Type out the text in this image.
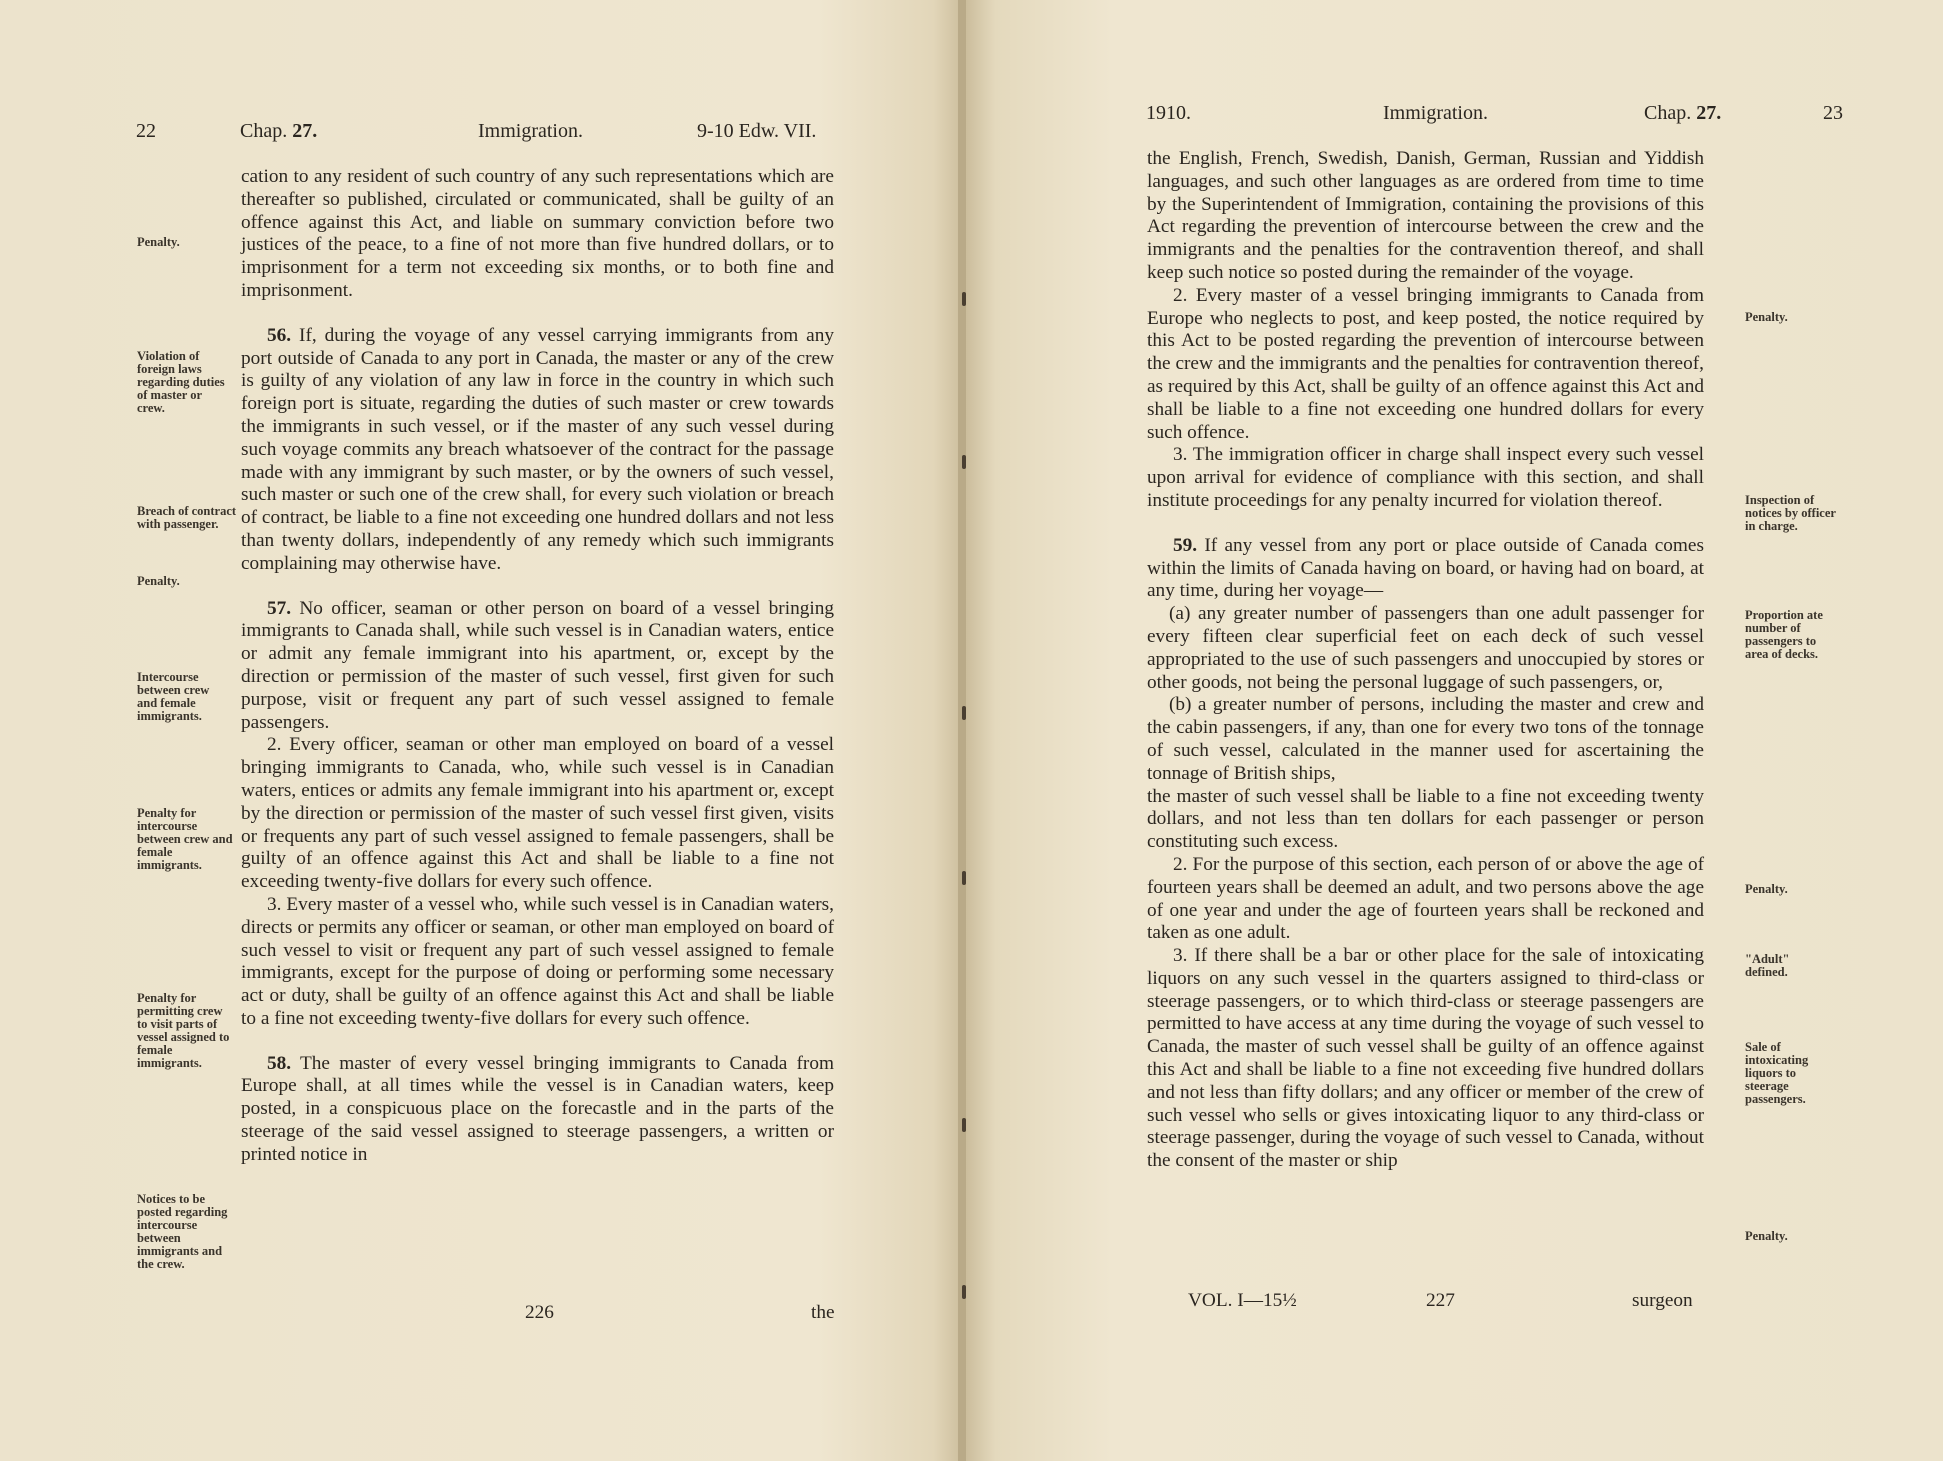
22	Chap. 27.	Immigration.	9-10 Edw. VII.

cation to any resident of such country of any such representations which are thereafter so published, circulated or communicated, shall be guilty of an offence against this Act, and liable on summary conviction before two justices of the peace, to a fine of not more than five hundred dollars, or to imprisonment for a term not exceeding six months, or to both fine and imprisonment.

56. If, during the voyage of any vessel carrying immigrants from any port outside of Canada to any port in Canada, the master or any of the crew is guilty of any violation of any law in force in the country in which such foreign port is situate, regarding the duties of such master or crew towards the immigrants in such vessel, or if the master of any such vessel during such voyage commits any breach whatsoever of the contract for the passage made with any immigrant by such master, or by the owners of such vessel, such master or such one of the crew shall, for every such violation or breach of contract, be liable to a fine not exceeding one hundred dollars and not less than twenty dollars, independently of any remedy which such immigrants complaining may otherwise have.

57. No officer, seaman or other person on board of a vessel bringing immigrants to Canada shall, while such vessel is in Canadian waters, entice or admit any female immigrant into his apartment, or, except by the direction or permission of the master of such vessel, first given for such purpose, visit or frequent any part of such vessel assigned to female passengers.

2. Every officer, seaman or other man employed on board of a vessel bringing immigrants to Canada, who, while such vessel is in Canadian waters, entices or admits any female immigrant into his apartment or, except by the direction or permission of the master of such vessel first given, visits or frequents any part of such vessel assigned to female passengers, shall be guilty of an offence against this Act and shall be liable to a fine not exceeding twenty-five dollars for every such offence.

3. Every master of a vessel who, while such vessel is in Canadian waters, directs or permits any officer or seaman, or other man employed on board of such vessel to visit or frequent any part of such vessel assigned to female immigrants, except for the purpose of doing or performing some necessary act or duty, shall be guilty of an offence against this Act and shall be liable to a fine not exceeding twenty-five dollars for every such offence.

58. The master of every vessel bringing immigrants to Canada from Europe shall, at all times while the vessel is in Canadian waters, keep posted, in a conspicuous place on the forecastle and in the parts of the steerage of the said vessel assigned to steerage passengers, a written or printed notice in

Penalty.
Violation of foreign laws regarding duties of master or crew.
Breach of contract with passenger.
Penalty.
Intercourse between crew and female immigrants.
Penalty for intercourse between crew and female immigrants.
Penalty for permitting crew to visit parts of vessel assigned to female immigrants.
Notices to be posted regarding intercourse between immigrants and the crew.
226	the
1910.	Immigration.	Chap. 27.	23

the English, French, Swedish, Danish, German, Russian and Yiddish languages, and such other languages as are ordered from time to time by the Superintendent of Immigration, containing the provisions of this Act regarding the prevention of intercourse between the crew and the immigrants and the penalties for the contravention thereof, and shall keep such notice so posted during the remainder of the voyage.

2. Every master of a vessel bringing immigrants to Canada from Europe who neglects to post, and keep posted, the notice required by this Act to be posted regarding the prevention of intercourse between the crew and the immigrants and the penalties for contravention thereof, as required by this Act, shall be guilty of an offence against this Act and shall be liable to a fine not exceeding one hundred dollars for every such offence.

3. The immigration officer in charge shall inspect every such vessel upon arrival for evidence of compliance with this section, and shall institute proceedings for any penalty incurred for violation thereof.

59. If any vessel from any port or place outside of Canada comes within the limits of Canada having on board, or having had on board, at any time, during her voyage—

(a) any greater number of passengers than one adult passenger for every fifteen clear superficial feet on each deck of such vessel appropriated to the use of such passengers and unoccupied by stores or other goods, not being the personal luggage of such passengers, or,

(b) a greater number of persons, including the master and crew and the cabin passengers, if any, than one for every two tons of the tonnage of such vessel, calculated in the manner used for ascertaining the tonnage of British ships,

the master of such vessel shall be liable to a fine not exceeding twenty dollars, and not less than ten dollars for each passenger or person constituting such excess.

2. For the purpose of this section, each person of or above the age of fourteen years shall be deemed an adult, and two persons above the age of one year and under the age of fourteen years shall be reckoned and taken as one adult.

3. If there shall be a bar or other place for the sale of intoxicating liquors on any such vessel in the quarters assigned to third-class or steerage passengers, or to which third-class or steerage passengers are permitted to have access at any time during the voyage of such vessel to Canada, the master of such vessel shall be guilty of an offence against this Act and shall be liable to a fine not exceeding five hundred dollars and not less than fifty dollars; and any officer or member of the crew of such vessel who sells or gives intoxicating liquor to any third-class or steerage passenger, during the voyage of such vessel to Canada, without the consent of the master or ship

Penalty.
Inspection of notices by officer in charge.
Proportion ate number of passengers to area of decks.
Penalty.
"Adult" defined.
Sale of intoxicating liquors to steerage passengers.
Penalty.
VOL. I—15½	227	surgeon
